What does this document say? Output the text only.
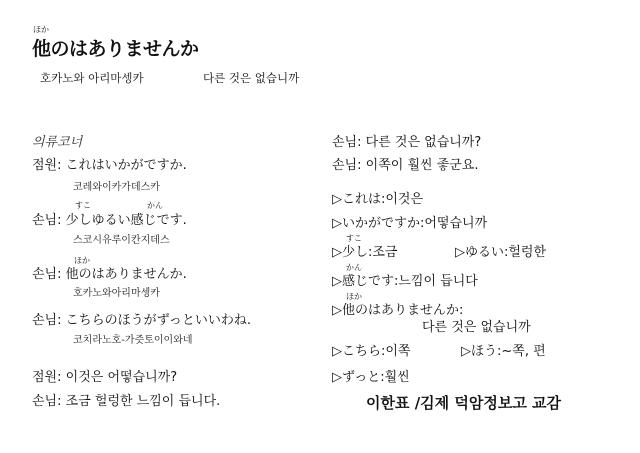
ほか
他のはありませんか
호카노와 아리마셍카	다른 것은 없습니까
의류코너
점원: これはいかがですか.
코레와이카가데스카
すこ	かん
손님: 少しゆるい感じです.
스코시유루이칸지데스
ほか
손님: 他のはありませんか.
호카노와아리마셍카
손님: こちらのほうがずっといいわね.
코치라노호-가즛토이이와네
점원: 이것은 어떻습니까?
손님: 조금 헐렁한 느낌이 듭니다.
손님: 다른 것은 없습니까?
손님: 이쪽이 훨씬 좋군요.
▷これは:이것은
▷いかがですか:어떻습니까
すこ
▷少し:조금	▷ゆるい:헐렁한
かん
▷感じです:느낌이 듭니다
ほか
▷他のはありませんか:
다른 것은 없습니까
▷こちら:이쪽	▷ほう:~쪽, 편
▷ずっと:훨씬
이한표 /김제 덕암정보고 교감
